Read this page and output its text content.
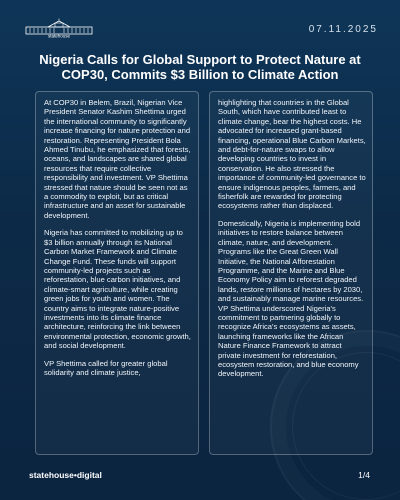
statehouse
07.11.2025
Nigeria Calls for Global Support to Protect Nature at
COP30, Commits $3 Billion to Climate Action

At COP30 in Belem, Brazil, Nigerian Vice President Senator Kashim Shettima urged the international community to significantly increase financing for nature protection and restoration. Representing President Bola Ahmed Tinubu, he emphasized that forests, oceans, and landscapes are shared global resources that require collective responsibility and investment. VP Shettima stressed that nature should be seen not as a commodity to exploit, but as critical infrastructure and an asset for sustainable development.

Nigeria has committed to mobilizing up to $3 billion annually through its National Carbon Market Framework and Climate Change Fund. These funds will support community-led projects such as reforestation, blue carbon initiatives, and climate-smart agriculture, while creating green jobs for youth and women. The country aims to integrate nature-positive investments into its climate finance architecture, reinforcing the link between environmental protection, economic growth, and social development.

VP Shettima called for greater global solidarity and climate justice,

highlighting that countries in the Global South, which have contributed least to climate change, bear the highest costs. He advocated for increased grant-based financing, operational Blue Carbon Markets, and debt-for-nature swaps to allow developing countries to invest in conservation. He also stressed the importance of community-led governance to ensure indigenous peoples, farmers, and fisherfolk are rewarded for protecting ecosystems rather than displaced.

Domestically, Nigeria is implementing bold initiatives to restore balance between climate, nature, and development. Programs like the Great Green Wall Initiative, the National Afforestation Programme, and the Marine and Blue Economy Policy aim to reforest degraded lands, restore millions of hectares by 2030, and sustainably manage marine resources. VP Shettima underscored Nigeria's commitment to partnering globally to recognize Africa's ecosystems as assets, launching frameworks like the African Nature Finance Framework to attract private investment for reforestation, ecosystem restoration, and blue economy development.

statehouse•digital	1/4
